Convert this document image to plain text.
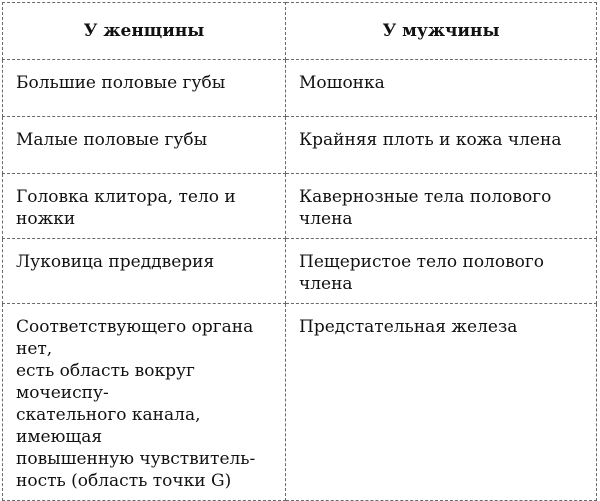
У женщины	У мужчины

Большие половые губы	Мошонка

Малые половые губы	Крайняя плоть и кожа члена

Головка клитора, тело и ножки	Кавернозные тела полового члена

Луковица преддверия	Пещеристое тело полового члена

Соответствующего органа нет,
есть область вокруг мочеиспу-
скательного канала, имеющая
повышенную чувствитель-
ность (область точки G)	Предстательная железа
